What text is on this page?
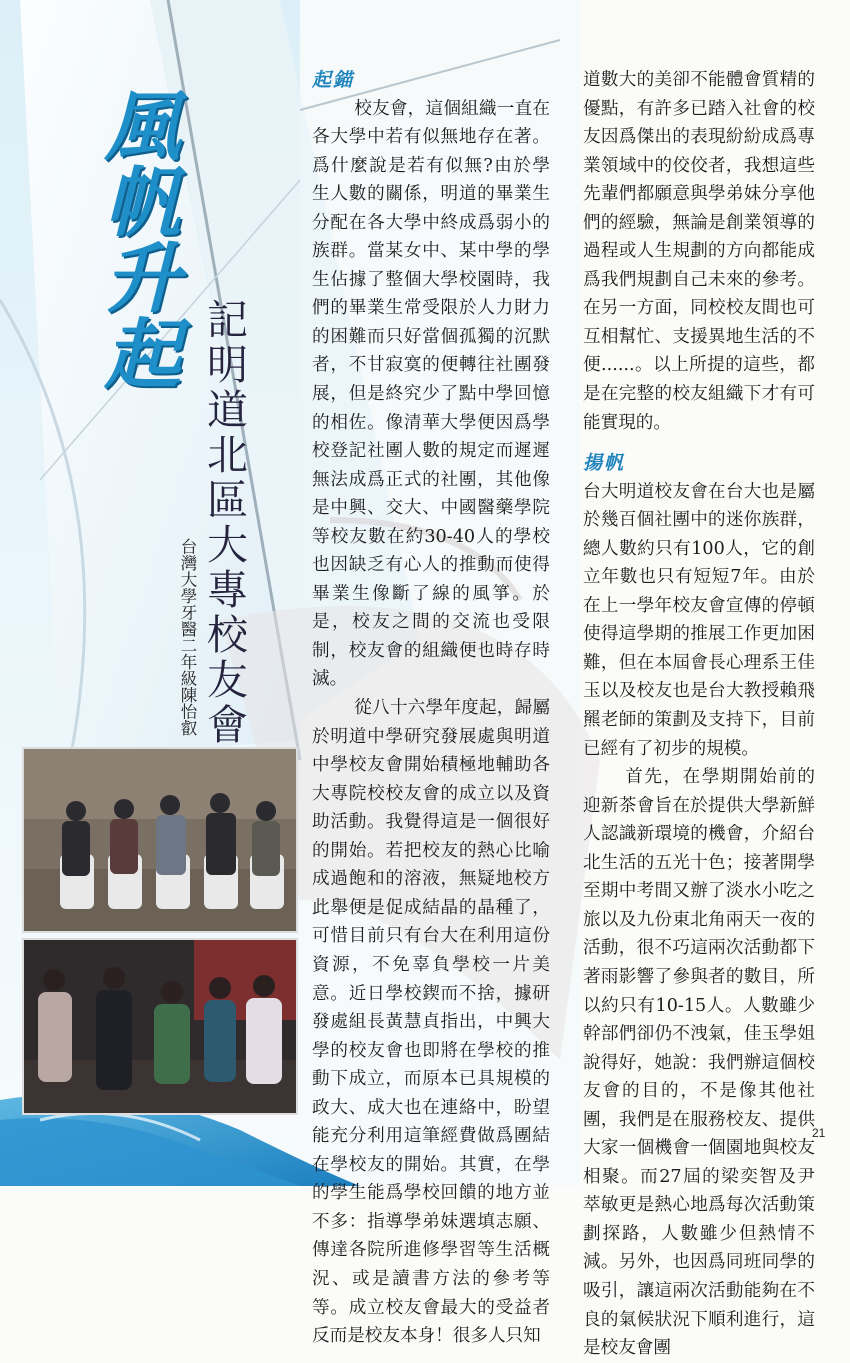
風帆升起
記明道北區大專校友會
台灣大學牙醫二年級陳怡叡
起錨

校友會，這個組織一直在各大學中若有似無地存在著。爲什麼說是若有似無?由於學生人數的關係，明道的畢業生分配在各大學中終成爲弱小的族群。當某女中、某中學的學生佔據了整個大學校園時，我們的畢業生常受限於人力財力的困難而只好當個孤獨的沉默者，不甘寂寞的便轉往社團發展，但是終究少了點中學回憶的相佐。像清華大學便因爲學校登記社團人數的規定而遲遲無法成爲正式的社團，其他像是中興、交大、中國醫藥學院等校友數在約30-40人的學校也因缺乏有心人的推動而使得畢業生像斷了線的風箏。於是，校友之間的交流也受限制，校友會的組織便也時存時滅。

從八十六學年度起，歸屬於明道中學研究發展處與明道中學校友會開始積極地輔助各大專院校校友會的成立以及資助活動。我覺得這是一個很好的開始。若把校友的熱心比喻成過飽和的溶液，無疑地校方此舉便是促成結晶的晶種了，可惜目前只有台大在利用這份資源，不免辜負學校一片美意。近日學校鍥而不捨，據研發處組長黃慧貞指出，中興大學的校友會也即將在學校的推動下成立，而原本已具規模的政大、成大也在連絡中，盼望能充分利用這筆經費做爲團結在學校友的開始。其實，在學的學生能爲學校回饋的地方並不多：指導學弟妹選填志願、傳達各院所進修學習等生活概況、或是讀書方法的參考等等。成立校友會最大的受益者反而是校友本身！很多人只知

道數大的美卻不能體會質精的優點，有許多已踏入社會的校友因爲傑出的表現紛紛成爲專業領域中的佼佼者，我想這些先輩們都願意與學弟妹分享他們的經驗，無論是創業領導的過程或人生規劃的方向都能成爲我們規劃自己未來的參考。在另一方面，同校校友間也可互相幫忙、支援異地生活的不便......。以上所提的這些，都是在完整的校友組織下才有可能實現的。

揚帆

台大明道校友會在台大也是屬於幾百個社團中的迷你族群，總人數約只有100人，它的創立年數也只有短短7年。由於在上一學年校友會宣傳的停頓使得這學期的推展工作更加困難，但在本屆會長心理系王佳玉以及校友也是台大教授賴飛羆老師的策劃及支持下，目前已經有了初步的規模。

首先，在學期開始前的迎新茶會旨在於提供大學新鮮人認識新環境的機會，介紹台北生活的五光十色；接著開學至期中考間又辦了淡水小吃之旅以及九份東北角兩天一夜的活動，很不巧這兩次活動都下著雨影響了參與者的數目，所以約只有10-15人。人數雖少幹部們卻仍不洩氣，佳玉學姐說得好，她說：我們辦這個校友會的目的，不是像其他社團，我們是在服務校友、提供大家一個機會一個園地與校友相聚。而27屆的梁奕智及尹萃敏更是熱心地爲每次活動策劃探路，人數雖少但熱情不減。另外，也因爲同班同學的吸引，讓這兩次活動能夠在不良的氣候狀況下順利進行，這是校友會團

21
